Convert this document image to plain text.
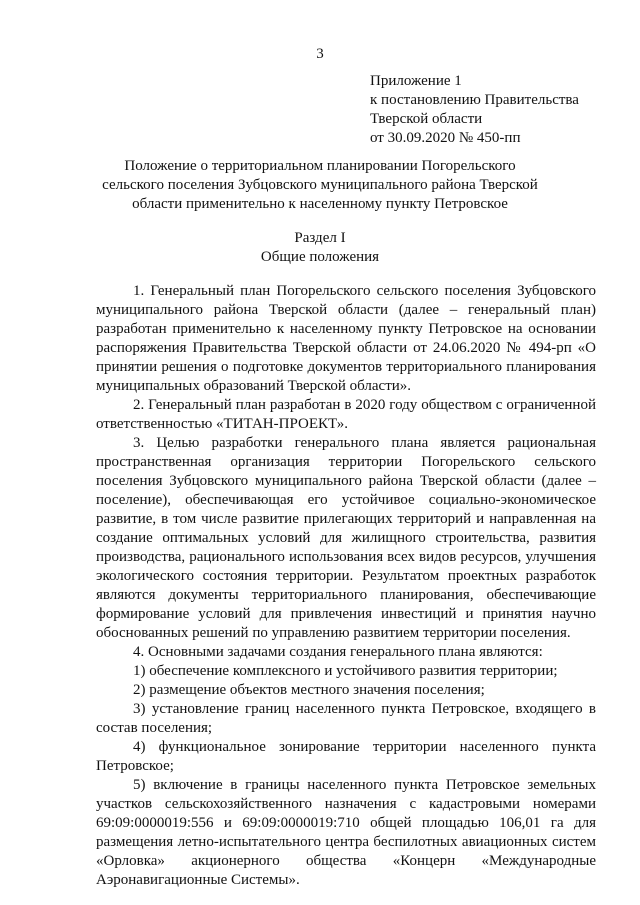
3
Приложение 1
к постановлению Правительства
Тверской области
от 30.09.2020 № 450-пп
Положение о территориальном планировании Погорельского сельского поселения Зубцовского муниципального района Тверской области применительно к населенному пункту Петровское
Раздел I
Общие положения

1. Генеральный план Погорельского сельского поселения Зубцовского муниципального района Тверской области (далее – генеральный план) разработан применительно к населенному пункту Петровское на основании распоряжения Правительства Тверской области от 24.06.2020 № 494-рп «О принятии решения о подготовке документов территориального планирования муниципальных образований Тверской области».

2. Генеральный план разработан в 2020 году обществом с ограниченной ответственностью «ТИТАН-ПРОЕКТ».

3. Целью разработки генерального плана является рациональная пространственная организация территории Погорельского сельского поселения Зубцовского муниципального района Тверской области (далее – поселение), обеспечивающая его устойчивое социально-экономическое развитие, в том числе развитие прилегающих территорий и направленная на создание оптимальных условий для жилищного строительства, развития производства, рационального использования всех видов ресурсов, улучшения экологического состояния территории. Результатом проектных разработок являются документы территориального планирования, обеспечивающие формирование условий для привлечения инвестиций и принятия научно обоснованных решений по управлению развитием территории поселения.

4. Основными задачами создания генерального плана являются:

1) обеспечение комплексного и устойчивого развития территории;

2) размещение объектов местного значения поселения;

3) установление границ населенного пункта Петровское, входящего в состав поселения;

4) функциональное зонирование территории населенного пункта Петровское;

5) включение в границы населенного пункта Петровское земельных участков сельскохозяйственного назначения с кадастровыми номерами 69:09:0000019:556 и 69:09:0000019:710 общей площадью 106,01 га для размещения летно-испытательного центра беспилотных авиационных систем «Орловка» акционерного общества «Концерн «Международные Аэронавигационные Системы».
